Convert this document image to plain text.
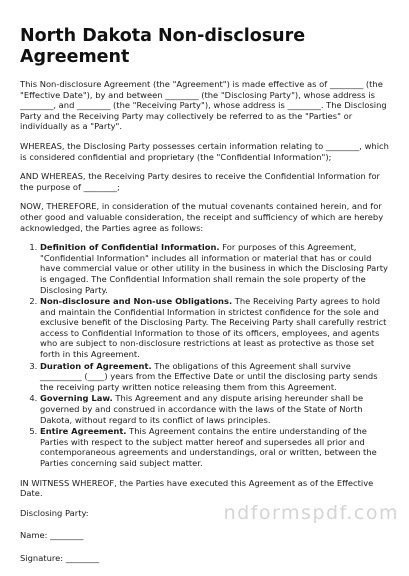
North Dakota Non-disclosure Agreement

This Non-disclosure Agreement (the "Agreement") is made effective as of ________ (the "Effective Date"), by and between ________ (the "Disclosing Party"), whose address is ________, and ________ (the "Receiving Party"), whose address is ________. The Disclosing Party and the Receiving Party may collectively be referred to as the "Parties" or individually as a "Party".

WHEREAS, the Disclosing Party possesses certain information relating to ________, which is considered confidential and proprietary (the "Confidential Information");

AND WHEREAS, the Receiving Party desires to receive the Confidential Information for the purpose of ________;

NOW, THEREFORE, in consideration of the mutual covenants contained herein, and for other good and valuable consideration, the receipt and sufficiency of which are hereby acknowledged, the Parties agree as follows:

1. Definition of Confidential Information. For purposes of this Agreement, "Confidential Information" includes all information or material that has or could have commercial value or other utility in the business in which the Disclosing Party is engaged. The Confidential Information shall remain the sole property of the Disclosing Party.
2. Non-disclosure and Non-use Obligations. The Receiving Party agrees to hold and maintain the Confidential Information in strictest confidence for the sole and exclusive benefit of the Disclosing Party. The Receiving Party shall carefully restrict access to Confidential Information to those of its officers, employees, and agents who are subject to non-disclosure restrictions at least as protective as those set forth in this Agreement.
3. Duration of Agreement. The obligations of this Agreement shall survive __________ (____) years from the Effective Date or until the disclosing party sends the receiving party written notice releasing them from this Agreement.
4. Governing Law. This Agreement and any dispute arising hereunder shall be governed by and construed in accordance with the laws of the State of North Dakota, without regard to its conflict of laws principles.
5. Entire Agreement. This Agreement contains the entire understanding of the Parties with respect to the subject matter hereof and supersedes all prior and contemporaneous agreements and understandings, oral or written, between the Parties concerning said subject matter.

IN WITNESS WHEREOF, the Parties have executed this Agreement as of the Effective Date.

Disclosing Party:

Name: ________

Signature: ________

ndformspdf.com
